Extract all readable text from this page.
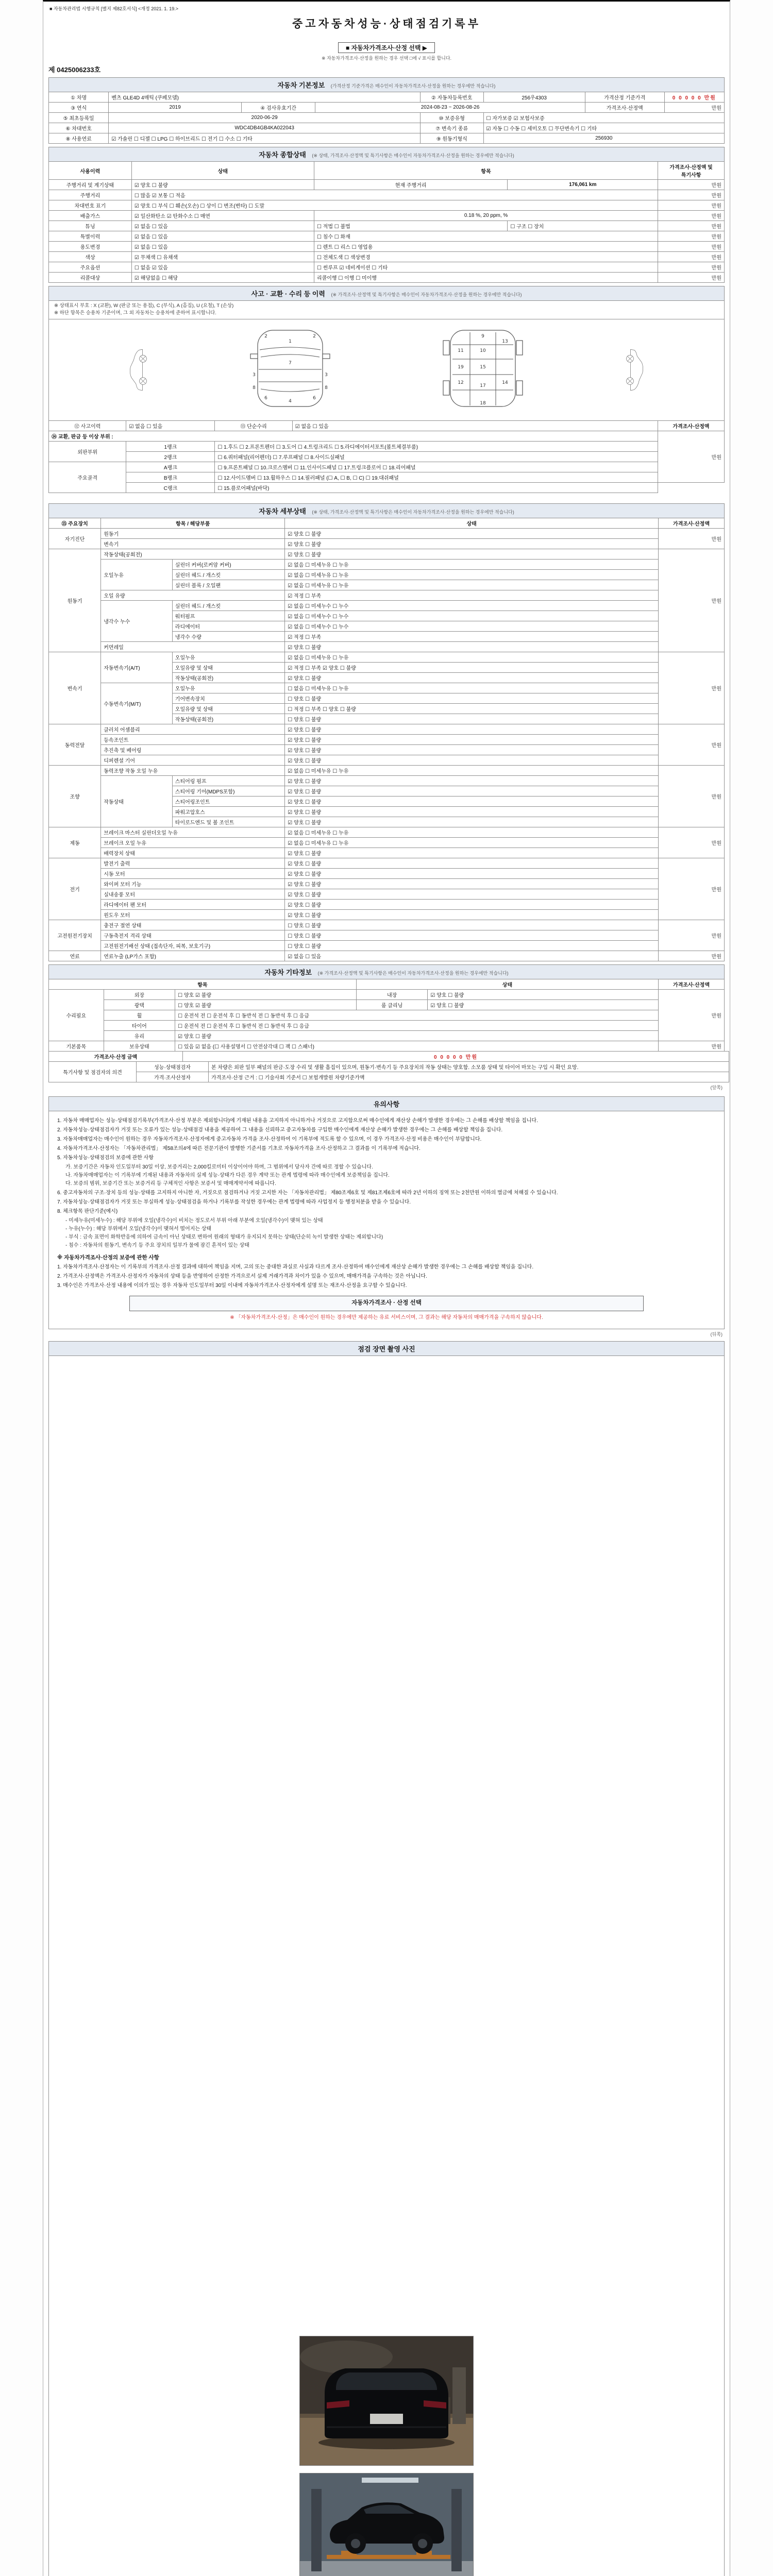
■ 자동차관리법 시행규칙 [별지 제82호서식] <개정 2021. 1. 19.>
중고자동차성능·상태점검기록부

■ 자동차가격조사·산정 선택 ▶
※ 자동차가격조사·산정을 원하는 경우 선택 □에 √ 표시를 합니다.
제 0425006233호
자동차 기본정보 (가격산정 기준가격은 매수인이 자동차가격조사·산정을 원하는 경우에만 적습니다)
① 차명	벤츠 GLE4D 4매틱 (쿠페모델)			② 자동차등록번호	256우4303	가격산정 기준가격	0 0 0 0 0 만원
③ 연식	2019	④ 검사유효기간	2024-08-23 ~ 2026-08-26			가격조사·산정액	만원
⑤ 최초등록일	2020-06-29			⑩ 보증유형	☐ 자가보증 ☑ 보험사보증		
⑥ 차대번호	WDC4DB4GB4KA022043			⑦ 변속기 종류	☑ 자동 ☐ 수동 ☐ 세미오토 ☐ 무단변속기 ☐ 기타		
⑧ 사용연료	☑ 가솔린 ☐ 디젤 ☐ LPG ☐ 하이브리드 ☐ 전기 ☐ 수소 ☐ 기타			⑨ 원동기형식	256930		
자동차 종합상태 (※ 상태, 가격조사·산정액 및 특기사항은 매수인이 자동차가격조사·산정을 원하는 경우에만 적습니다)
사용이력	상태	항목		가격조사·산정액 및 특기사항
주행거리 및 계기상태	☑ 양호 ☐ 불량	현재 주행거리	176,061 km	만원
주행거리	☐ 많음 ☑ 보통 ☐ 적음			만원
차대번호 표기	☑ 양호 ☐ 부식 ☐ 훼손(오손) ☐ 상이 ☐ 변조(변타) ☐ 도말			만원
배출가스	☑ 일산화탄소 ☑ 탄화수소 ☐ 매연	0.18 %, 20 ppm, %		만원
튜닝	☑ 없음 ☐ 있음	☐ 적법 ☐ 불법	☐ 구조 ☐ 장치	만원
특별이력	☑ 없음 ☐ 있음	☐ 침수 ☐ 화재		만원
용도변경	☑ 없음 ☐ 있음	☐ 렌트 ☐ 리스 ☐ 영업용		만원
색상	☑ 무채색 ☐ 유채색	☐ 전체도색 ☐ 색상변경		만원
주요옵션	☐ 없음 ☑ 있음	☐ 썬루프 ☑ 네비게이션 ☐ 기타		만원
리콜대상	☑ 해당없음 ☐ 해당	리콜이행 ☐ 이행 ☐ 미이행		만원
사고 · 교환 · 수리 등 이력 (※ 가격조사·산정액 및 특기사항은 매수인이 자동차가격조사·산정을 원하는 경우에만 적습니다)
※ 상태표시 부호 : X (교환), W (판금 또는 용접), C (부식), A (흠집), U (요철), T (손상)
※ 하단 항목은 승용차 기준이며, 그 외 자동차는 승용차에 준하여 표시합니다.
1
2	2
3	3
4
7
6	6
8	8
9
10
11
15
12
13
14
17
18
19
⑫ 사고이력	☑ 없음 ☐ 있음	⑬ 단순수리	☑ 없음 ☐ 있음	가격조사·산정액
⑭ 교환, 판금 등 이상 부위 :				만원
외판부위	1랭크	☐ 1.후드 ☐ 2.프론트펜더 ☐ 3.도어 ☐ 4.트렁크리드 ☐ 5.라디에이터서포트(볼트체결부품)		
	2랭크	☐ 6.쿼터패널(리어펜더) ☐ 7.루프패널 ☐ 8.사이드실패널		
주요골격	A랭크	☐ 9.프론트패널 ☐ 10.크로스멤버 ☐ 11.인사이드패널 ☐ 17.트렁크플로어 ☐ 18.리어패널		
	B랭크	☐ 12.사이드멤버 ☐ 13.휠하우스 ☐ 14.필러패널 (☐ A, ☐ B, ☐ C) ☐ 19.대쉬패널		
	C랭크	☐ 15.플로어패널(바닥)		
자동차 세부상태 (※ 상태, 가격조사·산정액 및 특기사항은 매수인이 자동차가격조사·산정을 원하는 경우에만 적습니다)
⑮ 주요장치	항목 / 해당부품		상태	가격조사·산정액
자기진단	원동기		☑ 양호 ☐ 불량	만원
	변속기		☑ 양호 ☐ 불량	
원동기	작동상태(공회전)		☑ 양호 ☐ 불량	만원
	오일누유	실린더 커버(로커암 커버)	☑ 없음 ☐ 미세누유 ☐ 누유	
		실린더 헤드 / 개스킷	☑ 없음 ☐ 미세누유 ☐ 누유	
		실린더 블록 / 오일팬	☑ 없음 ☐ 미세누유 ☐ 누유	
	오일 유량		☑ 적정 ☐ 부족	
	냉각수 누수	실린더 헤드 / 개스킷	☑ 없음 ☐ 미세누수 ☐ 누수	
		워터펌프	☑ 없음 ☐ 미세누수 ☐ 누수	
		라디에이터	☑ 없음 ☐ 미세누수 ☐ 누수	
		냉각수 수량	☑ 적정 ☐ 부족	
	커먼레일		☑ 양호 ☐ 불량	
변속기	자동변속기(A/T)	오일누유	☑ 없음 ☐ 미세누유 ☐ 누유	만원
		오일유량 및 상태	☑ 적정 ☐ 부족 ☑ 양호 ☐ 불량	
		작동상태(공회전)	☑ 양호 ☐ 불량	
	수동변속기(M/T)	오일누유	☐ 없음 ☐ 미세누유 ☐ 누유	
		기어변속장치	☐ 양호 ☐ 불량	
		오일유량 및 상태	☐ 적정 ☐ 부족 ☐ 양호 ☐ 불량	
		작동상태(공회전)	☐ 양호 ☐ 불량	
동력전달	클러치 어셈블리		☑ 양호 ☐ 불량	만원
	등속조인트		☑ 양호 ☐ 불량	
	추진축 및 베어링		☑ 양호 ☐ 불량	
	디퍼렌셜 기어		☑ 양호 ☐ 불량	
조향	동력조향 작동 오일 누유		☑ 없음 ☐ 미세누유 ☐ 누유	만원
	작동상태	스티어링 펌프	☑ 양호 ☐ 불량	
		스티어링 기어(MDPS포함)	☑ 양호 ☐ 불량	
		스티어링조인트	☑ 양호 ☐ 불량	
		파워고압호스	☑ 양호 ☐ 불량	
		타이로드엔드 및 볼 조인트	☑ 양호 ☐ 불량	
제동	브레이크 마스터 실린더오일 누유		☑ 없음 ☐ 미세누유 ☐ 누유	만원
	브레이크 오일 누유		☑ 없음 ☐ 미세누유 ☐ 누유	
	배력장치 상태		☑ 양호 ☐ 불량	
전기	발전기 출력		☑ 양호 ☐ 불량	만원
	시동 모터		☑ 양호 ☐ 불량	
	와이퍼 모터 기능		☑ 양호 ☐ 불량	
	실내송풍 모터		☑ 양호 ☐ 불량	
	라디에이터 팬 모터		☑ 양호 ☐ 불량	
	윈도우 모터		☑ 양호 ☐ 불량	
고전원전기장치	충전구 절연 상태		☐ 양호 ☐ 불량	만원
	구동축전지 격리 상태		☐ 양호 ☐ 불량	
	고전원전기배선 상태 (접속단자, 피복, 보호기구)		☐ 양호 ☐ 불량	
연료	연료누출 (LP가스 포함)		☑ 없음 ☐ 있음	만원
자동차 기타정보 (※ 가격조사·산정액 및 특기사항은 매수인이 자동차가격조사·산정을 원하는 경우에만 적습니다)
항목			상태		가격조사·산정액
수리필요	외장	☐ 양호 ☑ 불량	내장	☑ 양호 ☐ 불량	만원
	광택	☐ 양호 ☑ 불량	룸 클리닝	☑ 양호 ☐ 불량	
	휠	☐ 운전석 전 ☐ 운전석 후 ☐ 동반석 전 ☐ 동반석 후 ☐ 응급			
	타이어	☐ 운전석 전 ☐ 운전석 후 ☐ 동반석 전 ☐ 동반석 후 ☐ 응급			
	유리	☑ 양호 ☐ 불량			
기본품목	보유상태	☐ 있음 ☑ 없음 (☐ 사용설명서 ☐ 안전삼각대 ☐ 잭 ☐ 스패너)			만원
가격조사·산정 금액	0 0 0 0 0 만원
특기사항 및 점검자의 의견	성능·상태점검자	본 차량은 외판 일부 패널의 판금·도장 수리 및 생활 흠집이 있으며, 원동기·변속기 등 주요장치의 작동 상태는 양호함. 소모품 상태 및 타이어 마모는 구입 시 확인 요망.
	가격·조사산정자	가격조사·산정 근거 : ☐ 기술사회 기준서 ☐ 보험개발원 차량기준가액
(앞쪽)
유의사항
1. 자동차 매매업자는 성능·상태점검기록부(가격조사·산정 부분은 제외합니다)에 기재된 내용을 고지하지 아니하거나 거짓으로 고지함으로써 매수인에게 재산상 손해가 발생한 경우에는 그 손해를 배상할 책임을 집니다.
2. 자동차성능·상태점검자가 거짓 또는 오류가 있는 성능·상태점검 내용을 제공하여 그 내용을 신뢰하고 중고자동차를 구입한 매수인에게 재산상 손해가 발생한 경우에는 그 손해를 배상할 책임을 집니다.
3. 자동차매매업자는 매수인이 원하는 경우 자동차가격조사·산정자에게 중고자동차 가격을 조사·산정하여 이 기록부에 적도록 할 수 있으며, 이 경우 가격조사·산정 비용은 매수인이 부담합니다.
4. 자동차가격조사·산정자는 「자동차관리법」 제58조의4에 따른 전문기관이 발행한 기준서를 기초로 자동차가격을 조사·산정하고 그 결과를 이 기록부에 적습니다.
5. 자동차성능·상태점검의 보증에 관한 사항
가. 보증기간은 자동차 인도일부터 30일 이상, 보증거리는 2,000킬로미터 이상이어야 하며, 그 범위에서 당사자 간에 따로 정할 수 있습니다.
나. 자동차매매업자는 이 기록부에 기재된 내용과 자동차의 실제 성능·상태가 다른 경우 계약 또는 관계 법령에 따라 매수인에게 보증책임을 집니다.
다. 보증의 범위, 보증기간 또는 보증거리 등 구체적인 사항은 보증서 및 매매계약서에 따릅니다.
6. 중고자동차의 구조·장치 등의 성능·상태를 고지하지 아니한 자, 거짓으로 점검하거나 거짓 고지한 자는 「자동차관리법」 제80조제6호 및 제81조제6호에 따라 2년 이하의 징역 또는 2천만원 이하의 벌금에 처해질 수 있습니다.
7. 자동차성능·상태점검자가 거짓 또는 부실하게 성능·상태점검을 하거나 기록부를 작성한 경우에는 관계 법령에 따라 사업정지 등 행정처분을 받을 수 있습니다.
8. 체크항목 판단기준(예시)
- 미세누유(미세누수) : 해당 부위에 오일(냉각수)이 비치는 정도로서 부위 아래 부분에 오일(냉각수)이 맺혀 있는 상태
- 누유(누수) : 해당 부위에서 오일(냉각수)이 맺혀서 떨어지는 상태
- 부식 : 금속 표면이 화학반응에 의하여 금속이 아닌 상태로 변하여 원래의 형태가 유지되지 못하는 상태(단순히 녹이 발생한 상태는 제외합니다)
- 침수 : 자동차의 원동기, 변속기 등 주요 장치의 일부가 물에 잠긴 흔적이 있는 상태
※ 자동차가격조사·산정의 보증에 관한 사항
1. 자동차가격조사·산정자는 이 기록부의 가격조사·산정 결과에 대하여 책임을 지며, 고의 또는 중대한 과실로 사실과 다르게 조사·산정하여 매수인에게 재산상 손해가 발생한 경우에는 그 손해를 배상할 책임을 집니다.
2. 가격조사·산정액은 가격조사·산정자가 자동차의 상태 등을 반영하여 산정한 가격으로서 실제 거래가격과 차이가 있을 수 있으며, 매매가격을 구속하는 것은 아닙니다.
3. 매수인은 가격조사·산정 내용에 이의가 있는 경우 자동차 인도일부터 30일 이내에 자동차가격조사·산정자에게 설명 또는 재조사·산정을 요구할 수 있습니다.
자동차가격조사 · 산정 선택
※ 「자동차가격조사·산정」은 매수인이 원하는 경우에만 제공하는 유료 서비스이며, 그 결과는 해당 자동차의 매매가격을 구속하지 않습니다.
(뒤쪽)
점검 장면 촬영 사진
